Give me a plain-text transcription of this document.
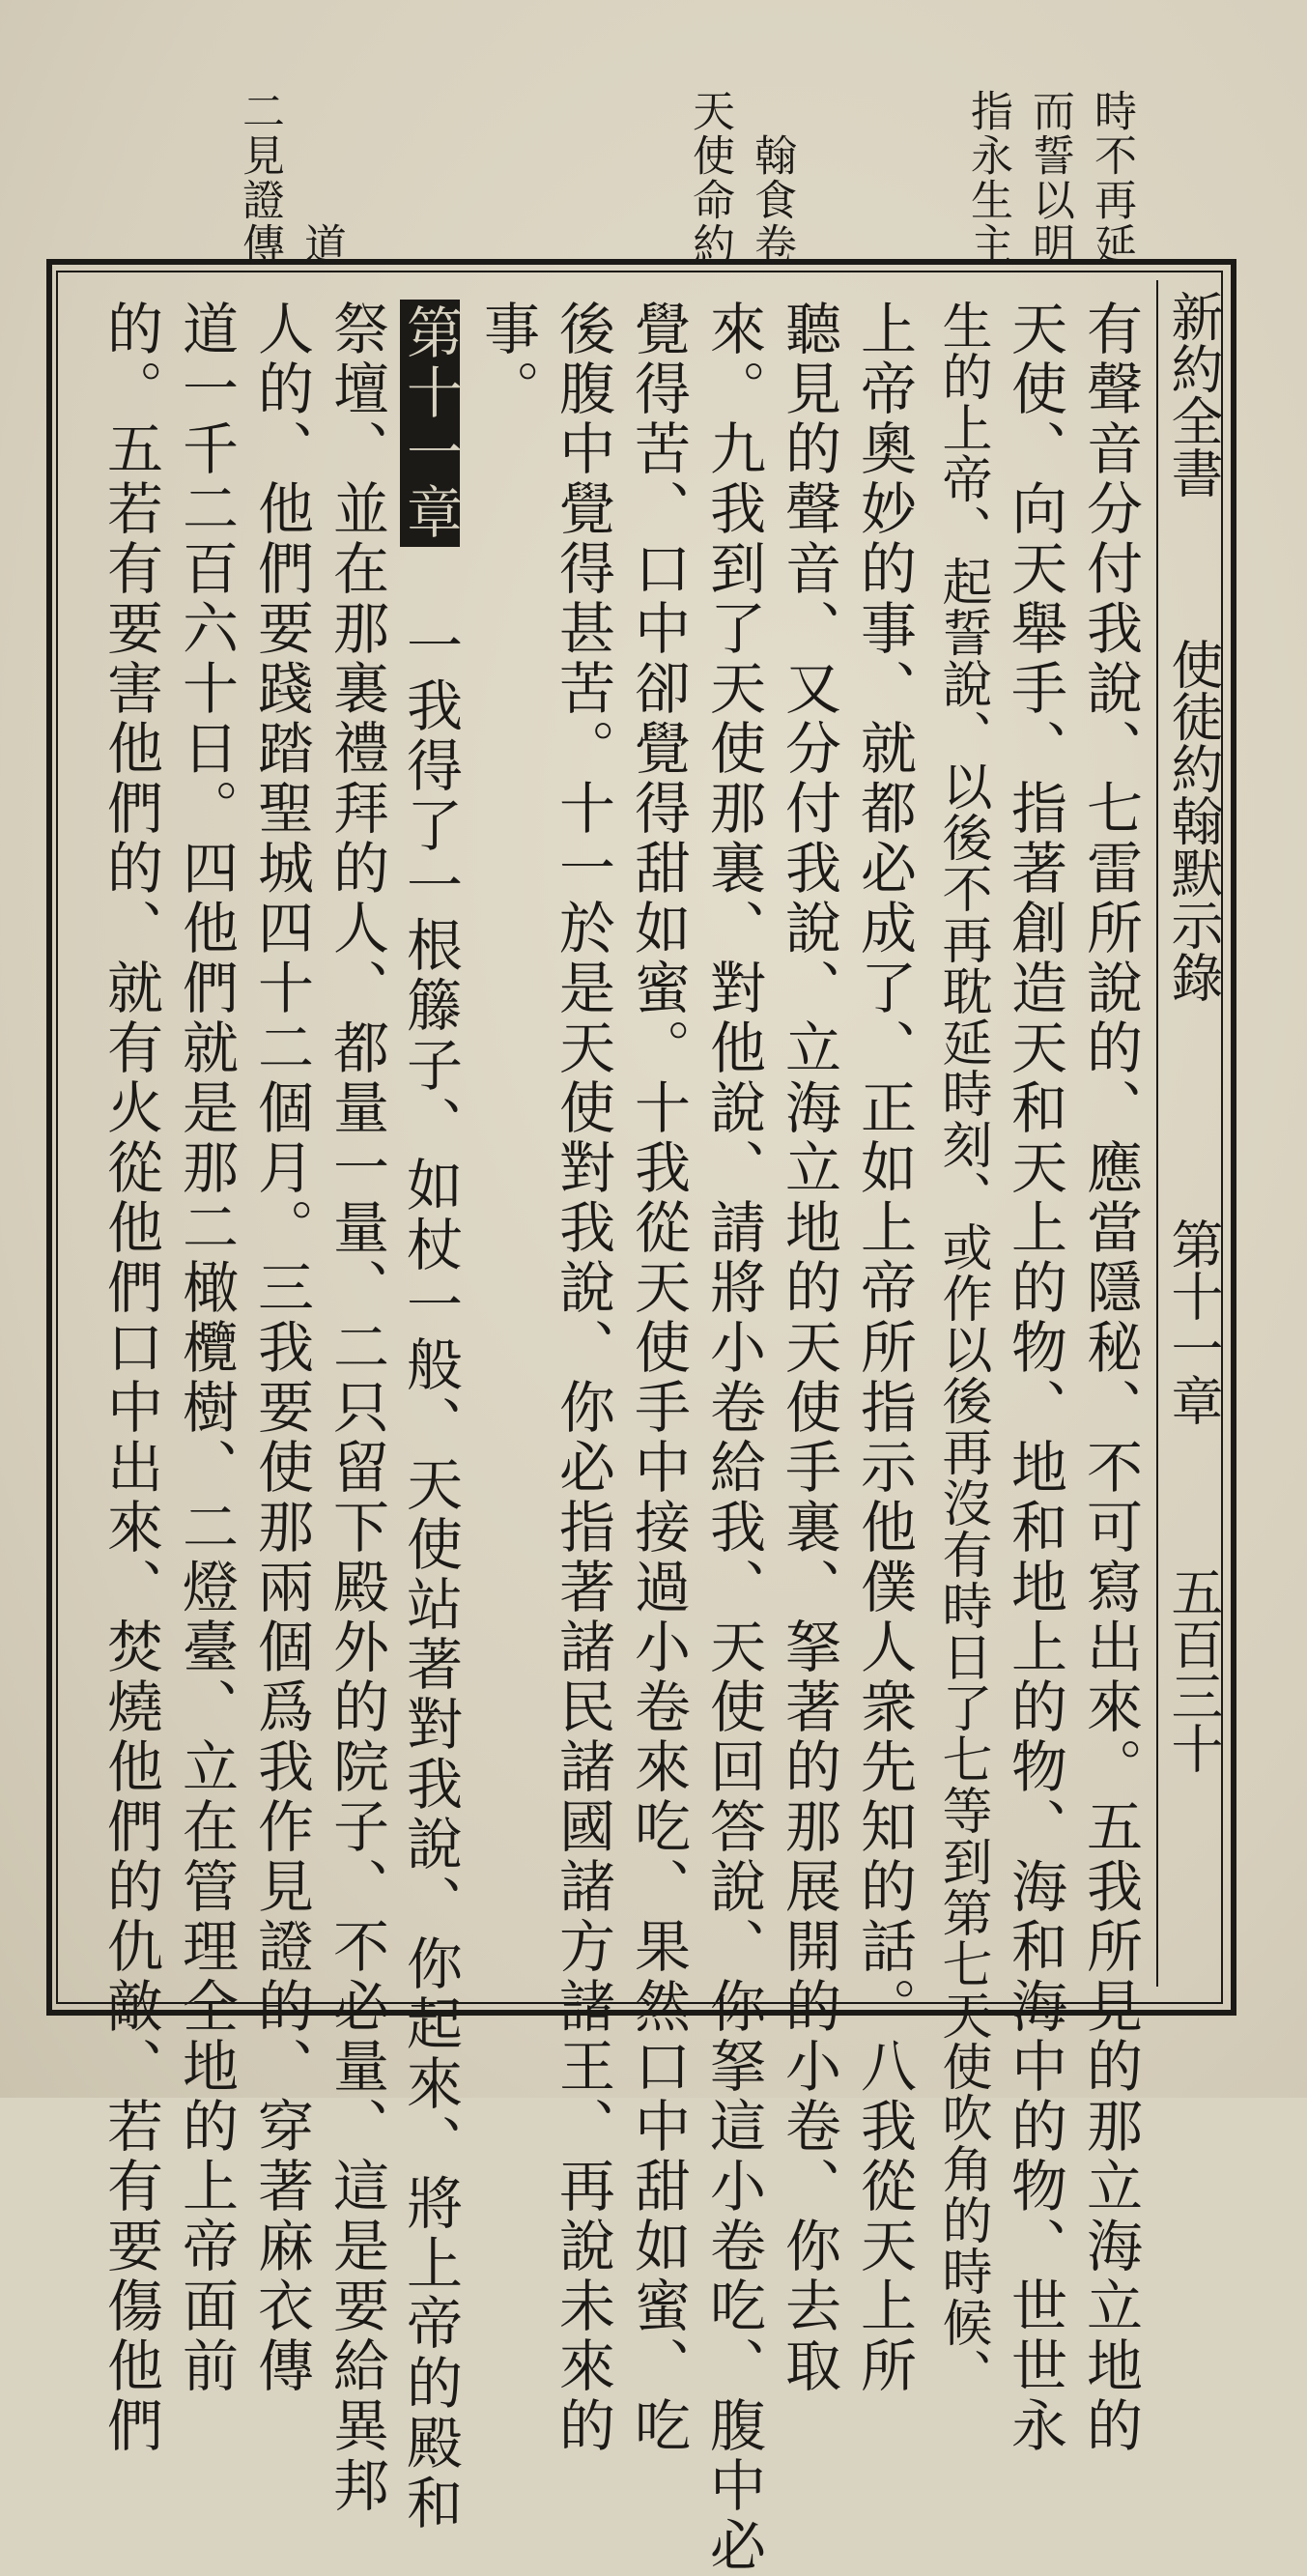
指永生主 而誓以明 時不再延
天使命約 翰食卷
二見證傳 道
新約全書
使徒約翰默示錄
第十一章
五百三十
有聲音分付我說、七雷所說的、應當隱秘、不可寫出來。五我所見的那立海立地的
天使、向天舉手、指著創造天和天上的物、地和地上的物、海和海中的物、世世永
生的上帝、起誓說、以後不再耽延時刻、或作以後再沒有時日了七等到第七天使吹角的時候、
上帝奧妙的事、就都必成了、正如上帝所指示他僕人衆先知的話。八我從天上所
聽見的聲音、又分付我說、立海立地的天使手裏、拏著的那展開的小卷、你去取
來。九我到了天使那裏、對他說、請將小卷給我、天使回答說、你拏這小卷吃、腹中必
覺得苦、口中卻覺得甜如蜜。十我從天使手中接過小卷來吃、果然口中甜如蜜、吃
後腹中覺得甚苦。十一於是天使對我說、你必指著諸民諸國諸方諸王、再說未來的
事。
第十一章 一我得了一根籐子、如杖一般、天使站著對我說、你起來、將上帝的殿和
祭壇、並在那裏禮拜的人、都量一量、二只留下殿外的院子、不必量、這是要給異邦
人的、他們要踐踏聖城四十二個月。三我要使那兩個爲我作見證的、穿著麻衣傳
道一千二百六十日。四他們就是那二橄欖樹、二燈臺、立在管理全地的上帝面前
的。五若有要害他們的、就有火從他們口中出來、焚燒他們的仇敵、若有要傷他們
